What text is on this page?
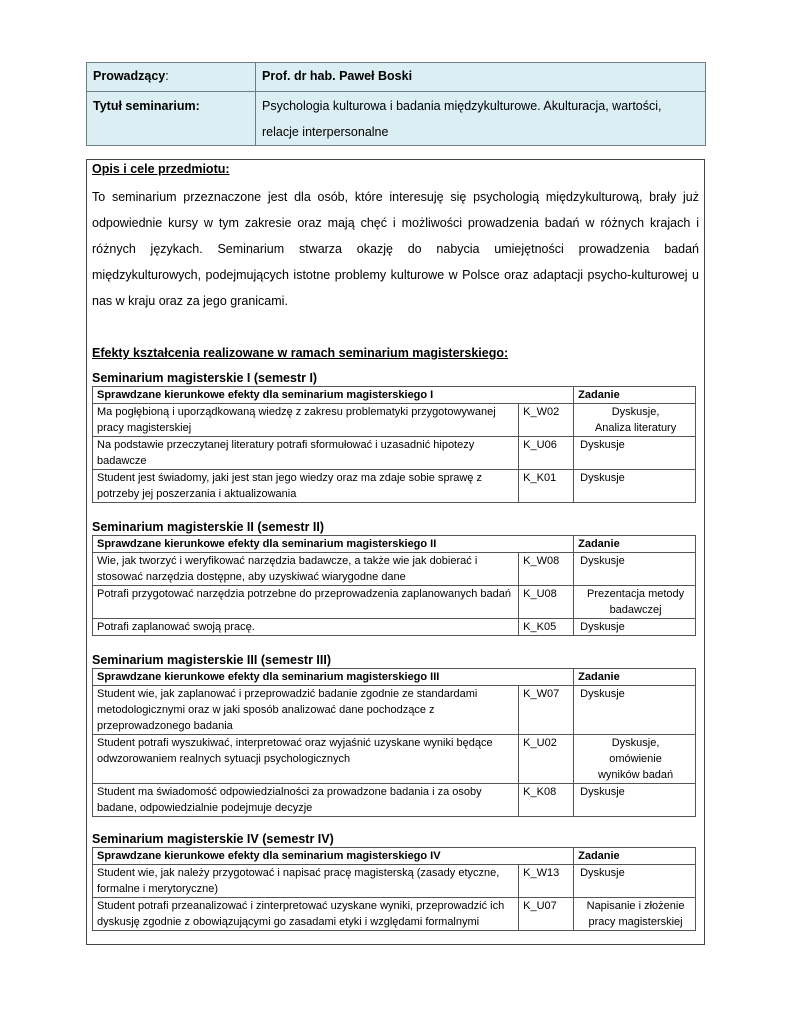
Prowadzący:	Prof. dr hab. Paweł Boski
Tytuł seminarium:	Psychologia kulturowa i badania międzykulturowe. Akulturacja, wartości,
relacje interpersonalne

Opis i cele przedmiotu:

To seminarium przeznaczone jest dla osób, które interesuję się psychologią międzykulturową, brały już odpowiednie kursy w tym zakresie oraz mają chęć i możliwości prowadzenia badań w różnych krajach i różnych językach. Seminarium stwarza okazję do nabycia umiejętności prowadzenia badań międzykulturowych, podejmujących istotne problemy kulturowe w Polsce oraz adaptacji psycho-kulturowej u nas w kraju oraz za jego granicami.

Efekty kształcenia realizowane w ramach seminarium magisterskiego:

Seminarium magisterskie I (semestr I)

Sprawdzane kierunkowe efekty dla seminarium magisterskiego I		Zadanie
Ma pogłębioną i uporządkowaną wiedzę z zakresu problematyki przygotowywanej pracy magisterskiej	K_W02	Dyskusje,
Analiza literatury
Na podstawie przeczytanej literatury potrafi sformułować i uzasadnić hipotezy badawcze	K_U06	Dyskusje
Student jest świadomy, jaki jest stan jego wiedzy oraz ma zdaje sobie sprawę z potrzeby jej poszerzania i aktualizowania	K_K01	Dyskusje

Seminarium magisterskie II (semestr II)

Sprawdzane kierunkowe efekty dla seminarium magisterskiego II		Zadanie
Wie, jak tworzyć i weryfikować narzędzia badawcze, a także wie jak dobierać i stosować narzędzia dostępne, aby uzyskiwać wiarygodne dane	K_W08	Dyskusje
Potrafi przygotować narzędzia potrzebne do przeprowadzenia zaplanowanych badań	K_U08	Prezentacja metody
badawczej
Potrafi zaplanować swoją pracę.	K_K05	Dyskusje

Seminarium magisterskie III (semestr III)

Sprawdzane kierunkowe efekty dla seminarium magisterskiego III		Zadanie
Student wie, jak zaplanować i przeprowadzić badanie zgodnie ze standardami metodologicznymi oraz w jaki sposób analizować dane pochodzące z przeprowadzonego badania	K_W07	Dyskusje
Student potrafi wyszukiwać, interpretować oraz wyjaśnić uzyskane wyniki będące odwzorowaniem realnych sytuacji psychologicznych	K_U02	Dyskusje,
omówienie
wyników badań
Student ma świadomość odpowiedzialności za prowadzone badania i za osoby badane, odpowiedzialnie podejmuje decyzje	K_K08	Dyskusje

Seminarium magisterskie IV (semestr IV)

Sprawdzane kierunkowe efekty dla seminarium magisterskiego IV		Zadanie
Student wie, jak należy przygotować i napisać pracę magisterską (zasady etyczne, formalne i merytoryczne)	K_W13	Dyskusje
Student potrafi przeanalizować i zinterpretować uzyskane wyniki, przeprowadzić ich dyskusję zgodnie z obowiązującymi go zasadami etyki i względami formalnymi	K_U07	Napisanie i złożenie
pracy magisterskiej
